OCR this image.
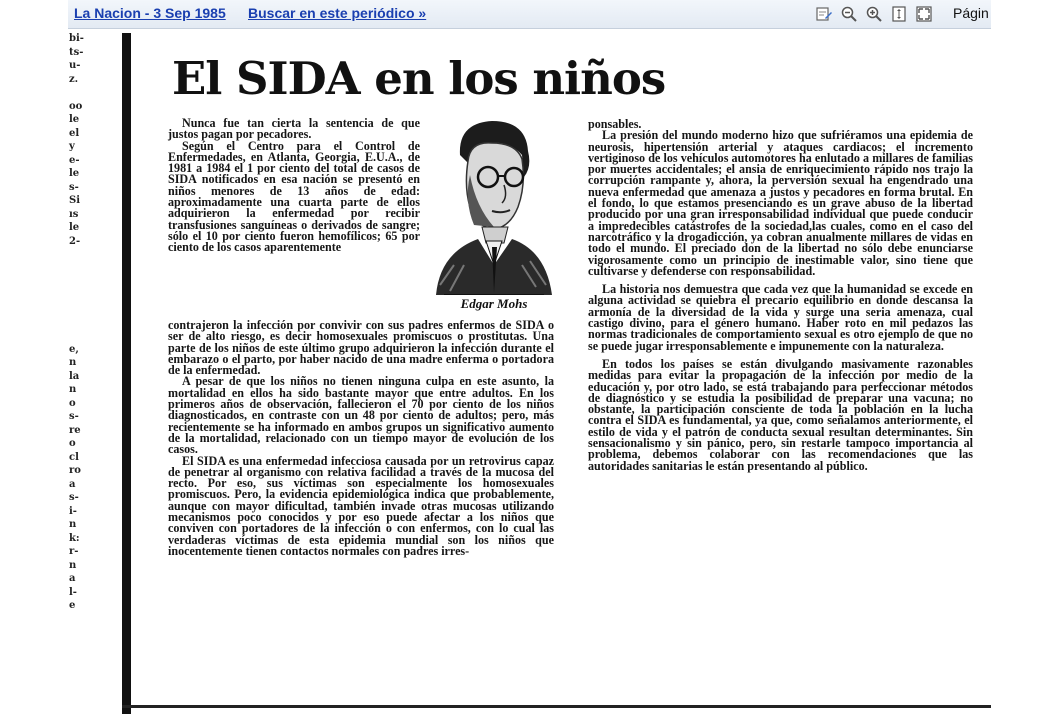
La Nacion - 3 Sep 1985 Buscar en este periódico »	Págin
bi-
ts-
u-
z.
oo
le
el
y
e-
le
s-
Si
ıs
le
2-
e,
n
la
n
o
s-
re
o
cl
ro
a
s-
i-
n
k:
r-
n
a
l-
e
El SIDA en los niños

Nunca fue tan cierta la sentencia de que justos pagan por pecadores.

Según el Centro para el Control de Enfermedades, en Atlanta, Georgia, E.U.A., de 1981 a 1984 el 1 por ciento del total de casos de SIDA notificados en esa nación se presentó en niños menores de 13 años de edad: aproximadamente una cuarta parte de ellos adquirieron la enfermedad por recibir transfusiones sanguíneas o derivados de sangre; sólo el 10 por ciento fueron hemofílicos; 65 por ciento de los casos aparentemente

Edgar Mohs

contrajeron la infección por convivir con sus padres enfermos de SIDA o ser de alto riesgo, es decir homosexuales promiscuos o prostitutas. Una parte de los niños de este último grupo adquirieron la infección durante el embarazo o el parto, por haber nacido de una madre enferma o portadora de la enfermedad.

A pesar de que los niños no tienen ninguna culpa en este asunto, la mortalidad en ellos ha sido bastante mayor que entre adultos. En los primeros años de observación, fallecieron el 70 por ciento de los niños diagnosticados, en contraste con un 48 por ciento de adultos; pero, más recientemente se ha informado en ambos grupos un significativo aumento de la mortalidad, relacionado con un tiempo mayor de evolución de los casos.

El SIDA es una enfermedad infecciosa causada por un retrovirus capaz de penetrar al organismo con relativa facilidad a través de la mucosa del recto. Por eso, sus víctimas son especialmente los homosexuales promiscuos. Pero, la evidencia epidemiológica indica que probablemente, aunque con mayor dificultad, también invade otras mucosas utilizando mecanismos poco conocidos y por eso puede afectar a los niños que conviven con portadores de la infección o con enfermos, con lo cual las verdaderas víctimas de esta epidemia mundial son los niños que inocentemente tienen contactos normales con padres irres-

ponsables.

La presión del mundo moderno hizo que sufriéramos una epidemia de neurosis, hipertensión arterial y ataques cardiacos; el incremento vertiginoso de los vehículos automotores ha enlutado a millares de familias por muertes accidentales; el ansia de enriquecimiento rápido nos trajo la corrupción rampante y, ahora, la perversión sexual ha engendrado una nueva enfermedad que amenaza a justos y pecadores en forma brutal. En el fondo, lo que estamos presenciando es un grave abuso de la libertad producido por una gran irresponsabilidad individual que puede conducir a impredecibles catástrofes de la sociedad,las cuales, como en el caso del narcotráfico y la drogadicción, ya cobran anualmente millares de vidas en todo el mundo. El preciado don de la libertad no sólo debe enunciarse vigorosamente como un principio de inestimable valor, sino tiene que cultivarse y defenderse con responsabilidad.

La historia nos demuestra que cada vez que la humanidad se excede en alguna actividad se quiebra el precario equilibrio en donde descansa la armonía de la diversidad de la vida y surge una seria amenaza, cual castigo divino, para el género humano. Haber roto en mil pedazos las normas tradicionales de comportamiento sexual es otro ejemplo de que no se puede jugar irresponsablemente e impunemente con la naturaleza.

En todos los países se están divulgando masivamente razonables medidas para evitar la propagación de la infección por medio de la educación y, por otro lado, se está trabajando para perfeccionar métodos de diagnóstico y se estudia la posibilidad de preparar una vacuna; no obstante, la participación consciente de toda la población en la lucha contra el SIDA es fundamental, ya que, como señalamos anteriormente, el estilo de vida y el patrón de conducta sexual resultan determinantes. Sin sensacionalismo y sin pánico, pero, sin restarle tampoco importancia al problema, debemos colaborar con las recomendaciones que las autoridades sanitarias le están presentando al público.
